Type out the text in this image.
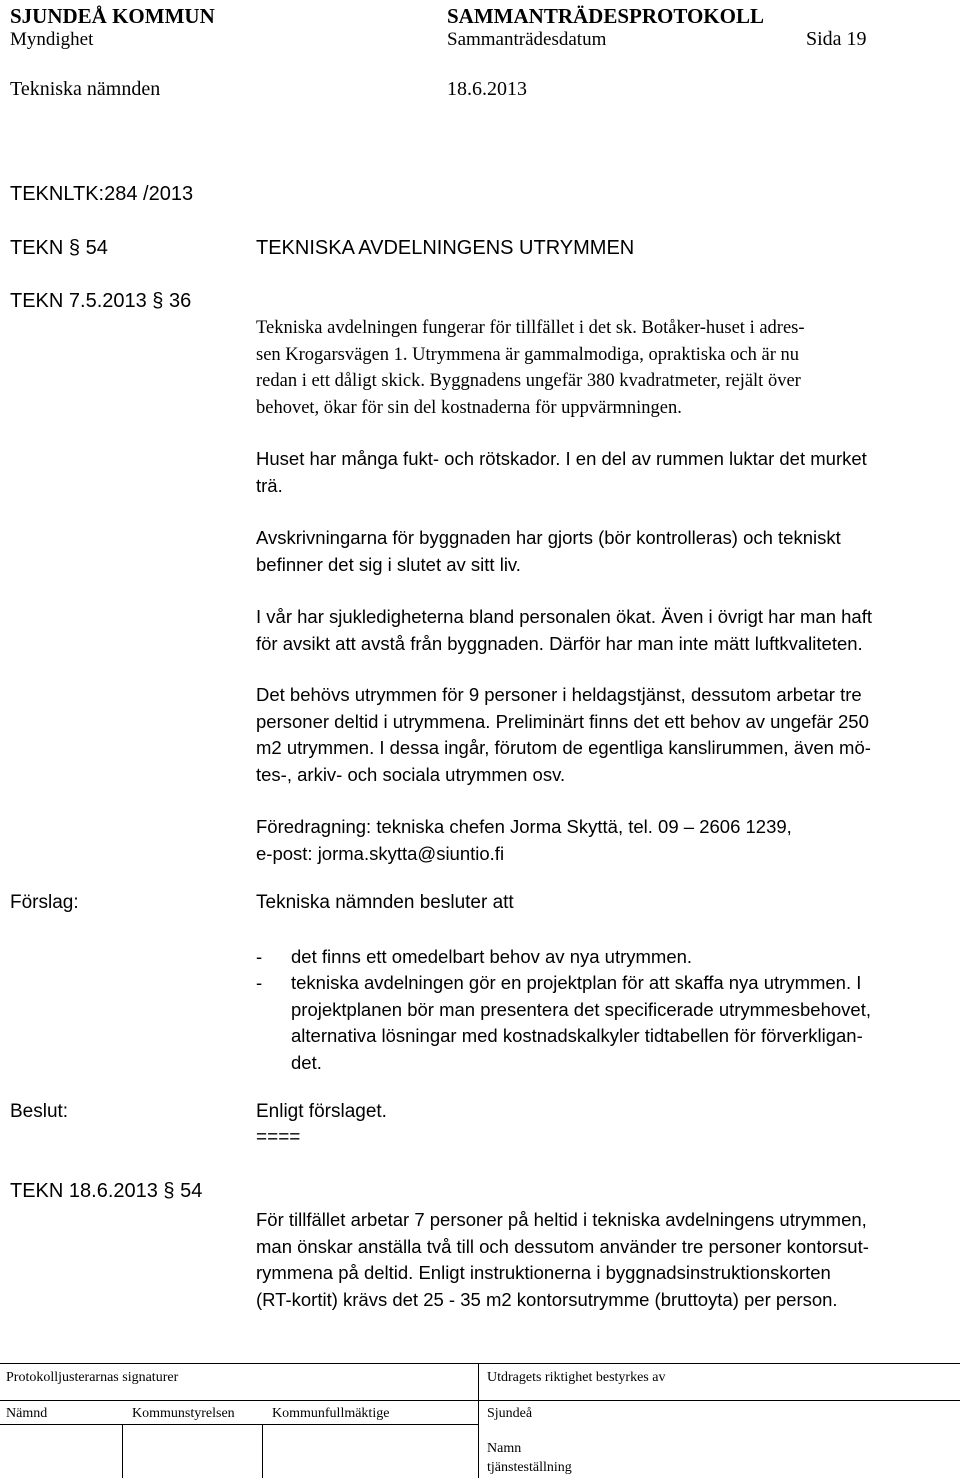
SJUNDEÅ KOMMUN	SAMMANTRÄDESPROTOKOLL
Myndighet	Sammanträdesdatum	Sida 19
Tekniska nämnden	18.6.2013
TEKNLTK:284 /2013
TEKN § 54	TEKNISKA AVDELNINGENS UTRYMMEN
TEKN 7.5.2013 § 36
Tekniska avdelningen fungerar för tillfället i det sk. Botåker-huset i adres-
sen Krogarsvägen 1. Utrymmena är gammalmodiga, opraktiska och är nu
redan i ett dåligt skick. Byggnadens ungefär 380 kvadratmeter, rejält över
behovet, ökar för sin del kostnaderna för uppvärmningen.
Huset har många fukt- och rötskador. I en del av rummen luktar det murket
trä.
Avskrivningarna för byggnaden har gjorts (bör kontrolleras) och tekniskt
befinner det sig i slutet av sitt liv.
I vår har sjukledigheterna bland personalen ökat. Även i övrigt har man haft
för avsikt att avstå från byggnaden. Därför har man inte mätt luftkvaliteten.
Det behövs utrymmen för 9 personer i heldagstjänst, dessutom arbetar tre
personer deltid i utrymmena. Preliminärt finns det ett behov av ungefär 250
m2 utrymmen. I dessa ingår, förutom de egentliga kanslirummen, även mö-
tes-, arkiv- och sociala utrymmen osv.
Föredragning: tekniska chefen Jorma Skyttä, tel. 09 – 2606 1239,
e-post: jorma.skytta@siuntio.fi
Förslag:	Tekniska nämnden besluter att
- det finns ett omedelbart behov av nya utrymmen.
- tekniska avdelningen gör en projektplan för att skaffa nya utrymmen. I
projektplanen bör man presentera det specificerade utrymmesbehovet,
alternativa lösningar med kostnadskalkyler tidtabellen för förverkligan-
det.
Beslut:	Enligt förslaget.
====
TEKN 18.6.2013 § 54
För tillfället arbetar 7 personer på heltid i tekniska avdelningens utrymmen,
man önskar anställa två till och dessutom använder tre personer kontorsut-
rymmena på deltid. Enligt instruktionerna i byggnadsinstruktionskorten
(RT-kortit) krävs det 25 - 35 m2 kontorsutrymme (bruttoyta) per person.
Protokolljusterarnas signaturer	Utdragets riktighet bestyrkes av
Nämnd	Kommunstyrelsen	Kommunfullmäktige	Sjundeå
Namn
tjänsteställning
